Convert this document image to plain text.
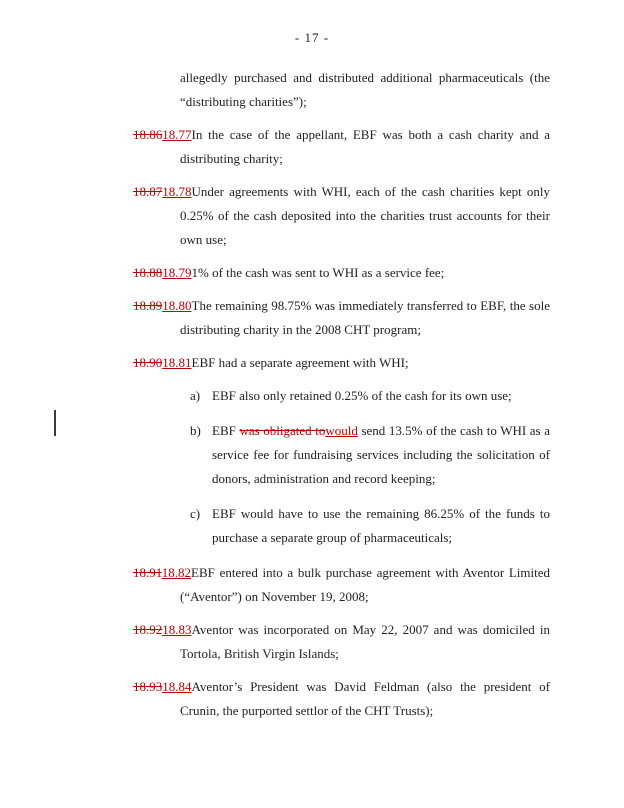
- 17 -

allegedly purchased and distributed additional pharmaceuticals (the “distributing charities”);

18.8618.77In the case of the appellant, EBF was both a cash charity and a distributing charity;

18.8718.78Under agreements with WHI, each of the cash charities kept only 0.25% of the cash deposited into the charities trust accounts for their own use;

18.8818.791% of the cash was sent to WHI as a service fee;

18.8918.80The remaining 98.75% was immediately transferred to EBF, the sole distributing charity in the 2008 CHT program;

18.9018.81EBF had a separate agreement with WHI;

a) EBF also only retained 0.25% of the cash for its own use;

b) EBF was obligated towould send 13.5% of the cash to WHI as a service fee for fundraising services including the solicitation of donors, administration and record keeping;

c) EBF would have to use the remaining 86.25% of the funds to purchase a separate group of pharmaceuticals;

18.9118.82EBF entered into a bulk purchase agreement with Aventor Limited (“Aventor”) on November 19, 2008;

18.9218.83Aventor was incorporated on May 22, 2007 and was domiciled in Tortola, British Virgin Islands;

18.9318.84Aventor’s President was David Feldman (also the president of Crunin, the purported settlor of the CHT Trusts);
